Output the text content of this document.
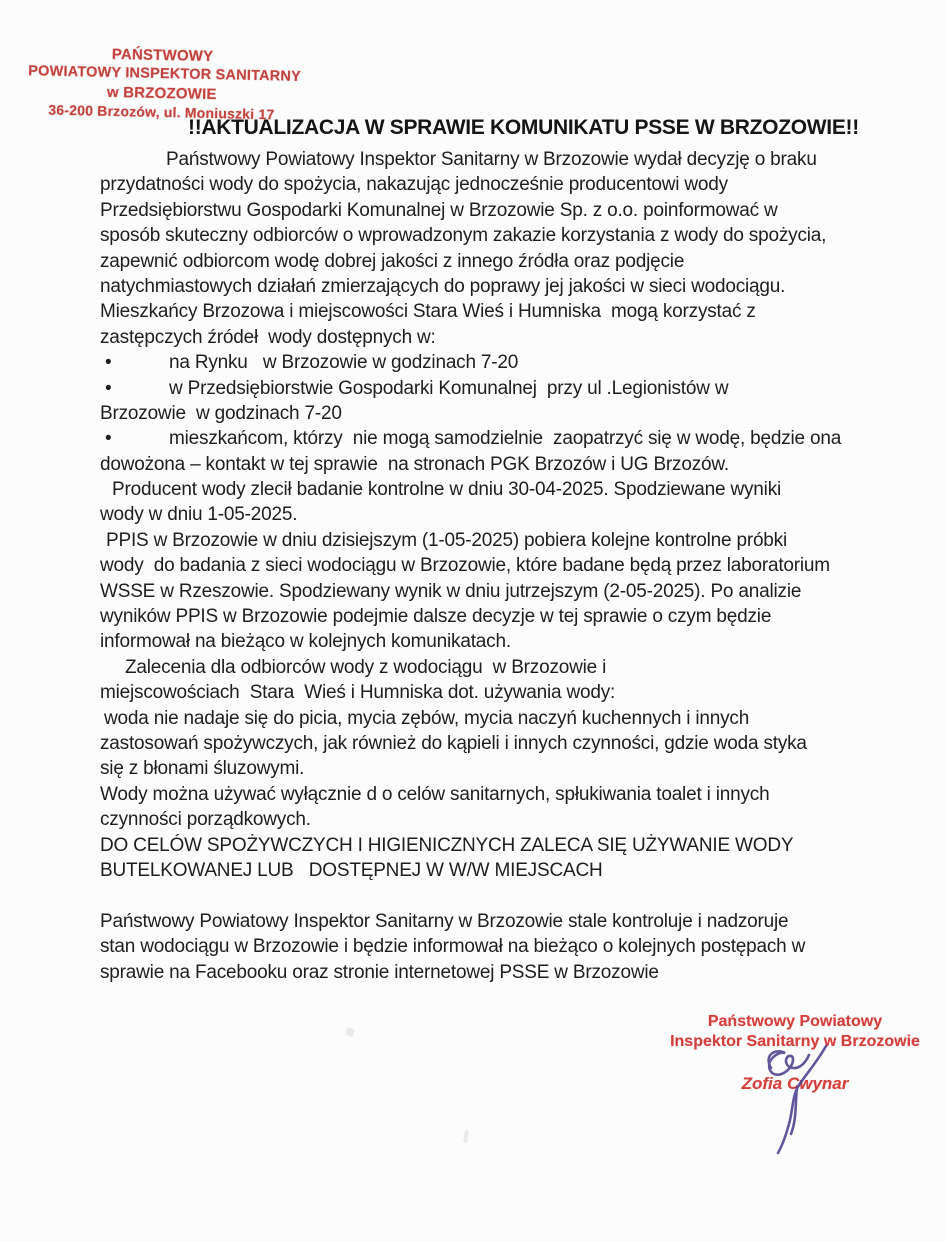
PAŃSTWOWY
POWIATOWY INSPEKTOR SANITARNY
w BRZOZOWIE
36-200 Brzozów, ul. Moniuszki 17
!!AKTUALIZACJA W SPRAWIE KOMUNIKATU PSSE W BRZOZOWIE!!
Państwowy Powiatowy Inspektor Sanitarny w Brzozowie wydał decyzję o braku
przydatności wody do spożycia, nakazując jednocześnie producentowi wody
Przedsiębiorstwu Gospodarki Komunalnej w Brzozowie Sp. z o.o. poinformować w
sposób skuteczny odbiorców o wprowadzonym zakazie korzystania z wody do spożycia,
zapewnić odbiorcom wodę dobrej jakości z innego źródła oraz podjęcie
natychmiastowych działań zmierzających do poprawy jej jakości w sieci wodociągu.
Mieszkańcy Brzozowa i miejscowości Stara Wieś i Humniska  mogą korzystać z
zastępczych źródeł  wody dostępnych w:
•	na Rynku   w Brzozowie w godzinach 7-20
•	w Przedsiębiorstwie Gospodarki Komunalnej  przy ul .Legionistów w
Brzozowie  w godzinach 7-20
•	mieszkańcom, którzy  nie mogą samodzielnie  zaopatrzyć się w wodę, będzie ona
dowożona – kontakt w tej sprawie  na stronach PGK Brzozów i UG Brzozów.
Producent wody zlecił badanie kontrolne w dniu 30-04-2025. Spodziewane wyniki
wody w dniu 1-05-2025.
PPIS w Brzozowie w dniu dzisiejszym (1-05-2025) pobiera kolejne kontrolne próbki
wody  do badania z sieci wodociągu w Brzozowie, które badane będą przez laboratorium
WSSE w Rzeszowie. Spodziewany wynik w dniu jutrzejszym (2-05-2025). Po analizie
wyników PPIS w Brzozowie podejmie dalsze decyzje w tej sprawie o czym będzie
informował na bieżąco w kolejnych komunikatach.
Zalecenia dla odbiorców wody z wodociągu  w Brzozowie i
miejscowościach  Stara  Wieś i Humniska dot. używania wody:
woda nie nadaje się do picia, mycia zębów, mycia naczyń kuchennych i innych
zastosowań spożywczych, jak również do kąpieli i innych czynności, gdzie woda styka
się z błonami śluzowymi.
Wody można używać wyłącznie d o celów sanitarnych, spłukiwania toalet i innych
czynności porządkowych.
DO CELÓW SPOŻYWCZYCH I HIGIENICZNYCH ZALECA SIĘ UŻYWANIE WODY
BUTELKOWANEJ LUB   DOSTĘPNEJ W W/W MIEJSCACH
Państwowy Powiatowy Inspektor Sanitarny w Brzozowie stale kontroluje i nadzoruje
stan wodociągu w Brzozowie i będzie informował na bieżąco o kolejnych postępach w
sprawie na Facebooku oraz stronie internetowej PSSE w Brzozowie
Państwowy Powiatowy
Inspektor Sanitarny w Brzozowie
Zofia Cwynar
